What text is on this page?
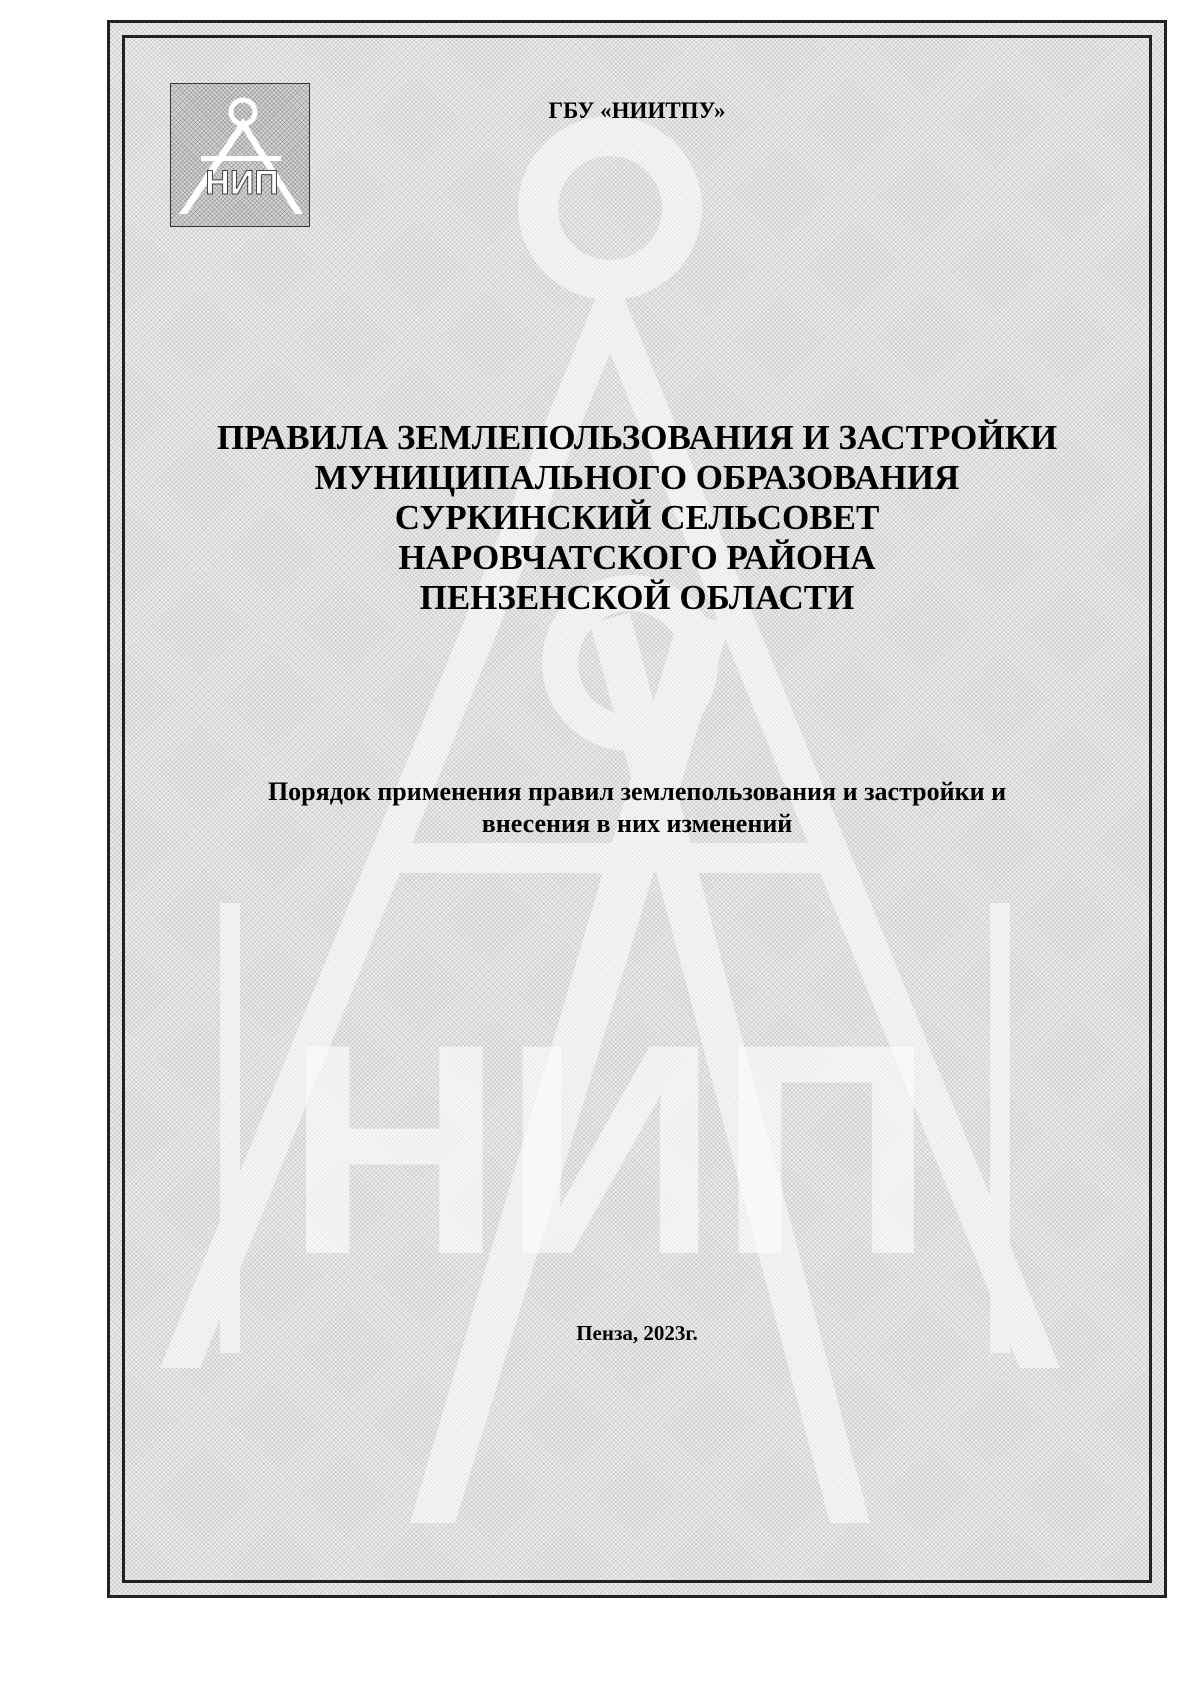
НИП
НИП
ГБУ «НИИТПУ»
ПРАВИЛА ЗЕМЛЕПОЛЬЗОВАНИЯ И ЗАСТРОЙКИ
МУНИЦИПАЛЬНОГО ОБРАЗОВАНИЯ
СУРКИНСКИЙ СЕЛЬСОВЕТ
НАРОВЧАТСКОГО РАЙОНА
ПЕНЗЕНСКОЙ ОБЛАСТИ
Порядок применения правил землепользования и застройки и
внесения в них изменений
Пенза, 2023г.
